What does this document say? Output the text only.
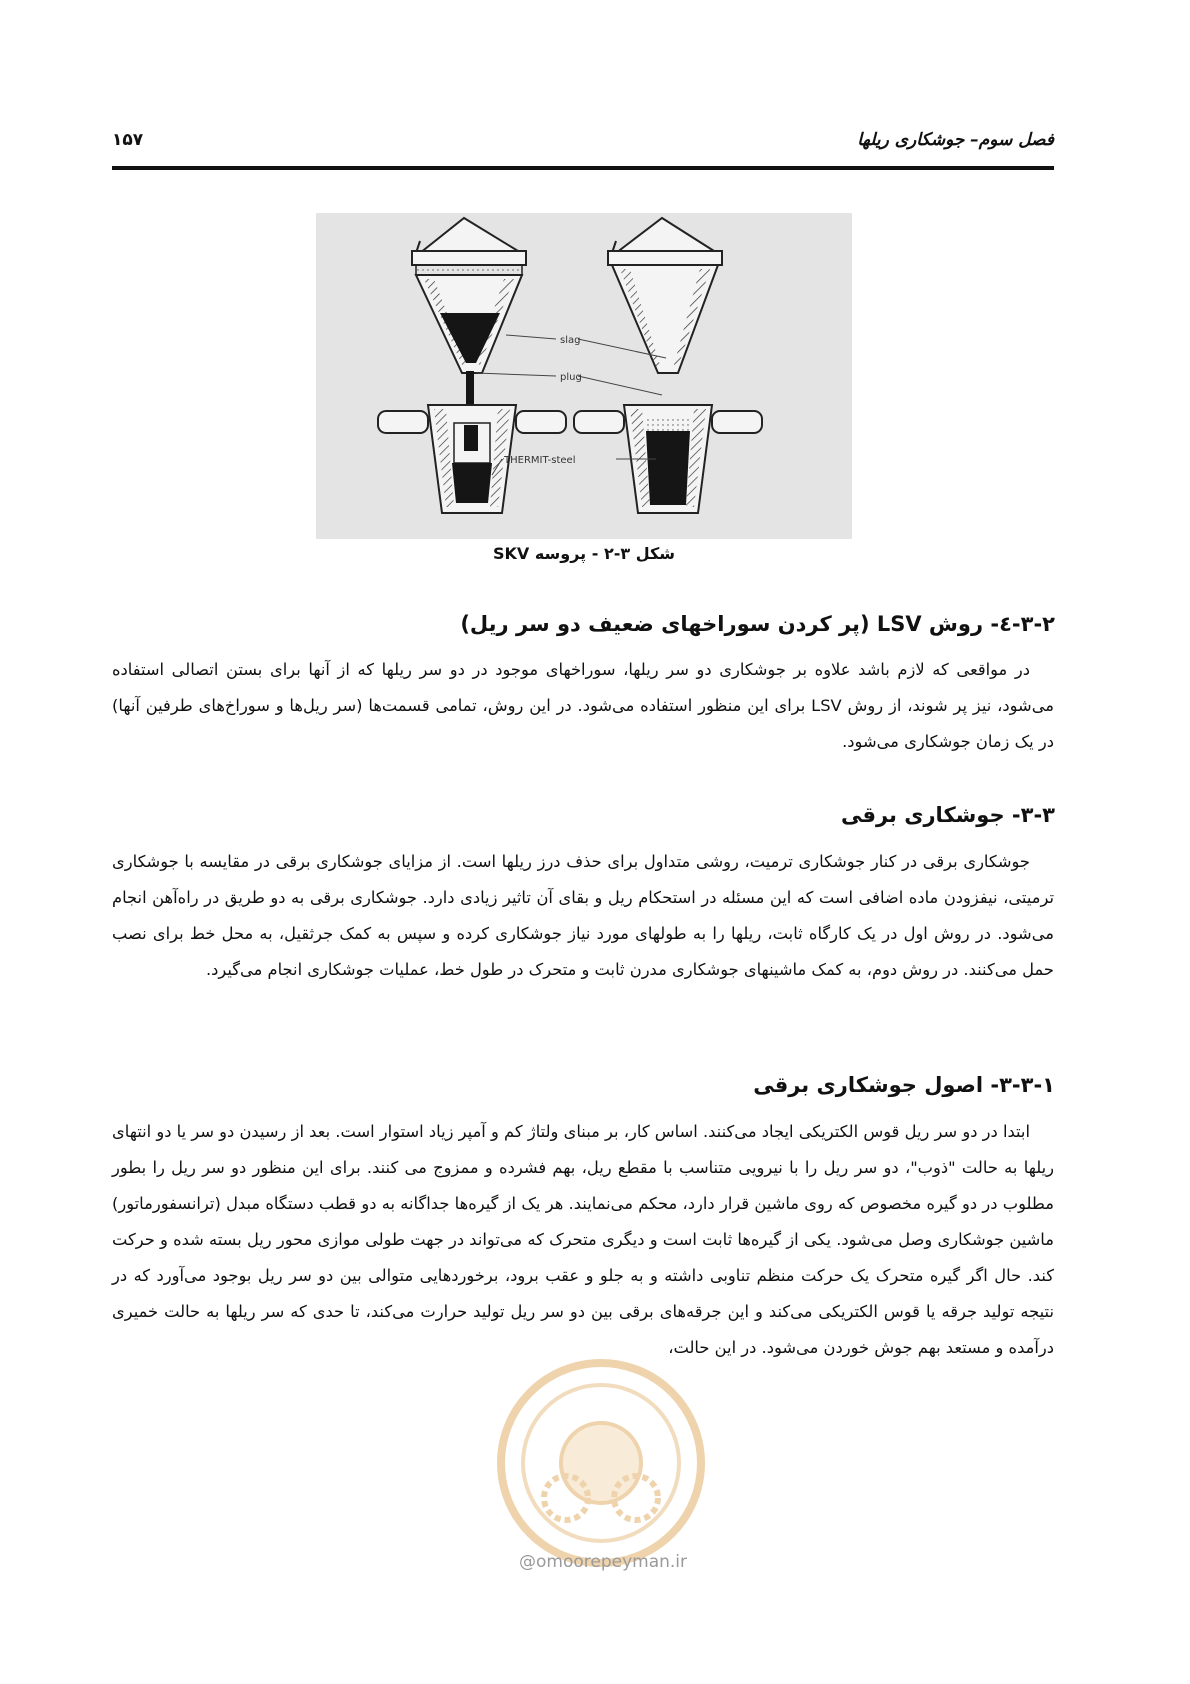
فصل سوم– جوشکاری ریلها
۱۵۷
slag
plug
THERMIT-steel
شکل ۳-۲ - پروسه SKV
۳-۲-٤- روش LSV (پر کردن سوراخهای ضعیف دو سر ریل)
در مواقعی که لازم باشد علاوه بر جوشکاری دو سر ریلها، سوراخهای موجود در دو سر ریلها که از آنها برای بستن اتصالی استفاده می‌شود، نیز پر شوند، از روش LSV برای این منظور استفاده می‌شود. در این روش، تمامی قسمت‌ها (سر ریل‌ها و سوراخ‌های طرفین آنها) در یک زمان جوشکاری می‌شود.
۳-۳- جوشکاری برقی
جوشکاری برقی در کنار جوشکاری ترمیت، روشی متداول برای حذف درز ریلها است. از مزایای جوشکاری برقی در مقایسه با جوشکاری ترمیتی، نیفزودن ماده اضافی است که این مسئله در استحکام ریل و بقای آن تاثیر زیادی دارد. جوشکاری برقی به دو طریق در راه‌آهن انجام می‌شود. در روش اول در یک کارگاه ثابت، ریلها را به طولهای مورد نیاز جوشکاری کرده و سپس به کمک جرثقیل، به محل خط برای نصب حمل می‌کنند. در روش دوم، به کمک ماشینهای جوشکاری مدرن ثابت و متحرک در طول خط، عملیات جوشکاری انجام می‌گیرد.
۳-۳-۱- اصول جوشکاری برقی
ابتدا در دو سر ریل قوس الکتریکی ایجاد می‌کنند. اساس کار، بر مبنای ولتاژ کم و آمپر زیاد استوار است. بعد از رسیدن دو سر یا دو انتهای ریلها به حالت "ذوب"، دو سر ریل را با نیرویی متناسب با مقطع ریل، بهم فشرده و ممزوج می کنند. برای این منظور دو سر ریل را بطور مطلوب در دو گیره مخصوص که روی ماشین قرار دارد، محکم می‌نمایند. هر یک از گیره‌ها جداگانه به دو قطب دستگاه مبدل (ترانسفورماتور) ماشین جوشکاری وصل می‌شود. یکی از گیره‌ها ثابت است و دیگری متحرک که می‌تواند در جهت طولی موازی محور ریل بسته شده و حرکت کند. حال اگر گیره متحرک یک حرکت منظم تناوبی داشته و به جلو و عقب برود، برخوردهایی متوالی بین دو سر ریل بوجود می‌آورد که در نتیجه تولید جرقه یا قوس الکتریکی می‌کند و این جرقه‌های برقی بین دو سر ریل تولید حرارت می‌کند، تا حدی که سر ریلها به حالت خمیری درآمده و مستعد بهم جوش خوردن می‌شود. در این حالت،
@omoorepeyman.ir
